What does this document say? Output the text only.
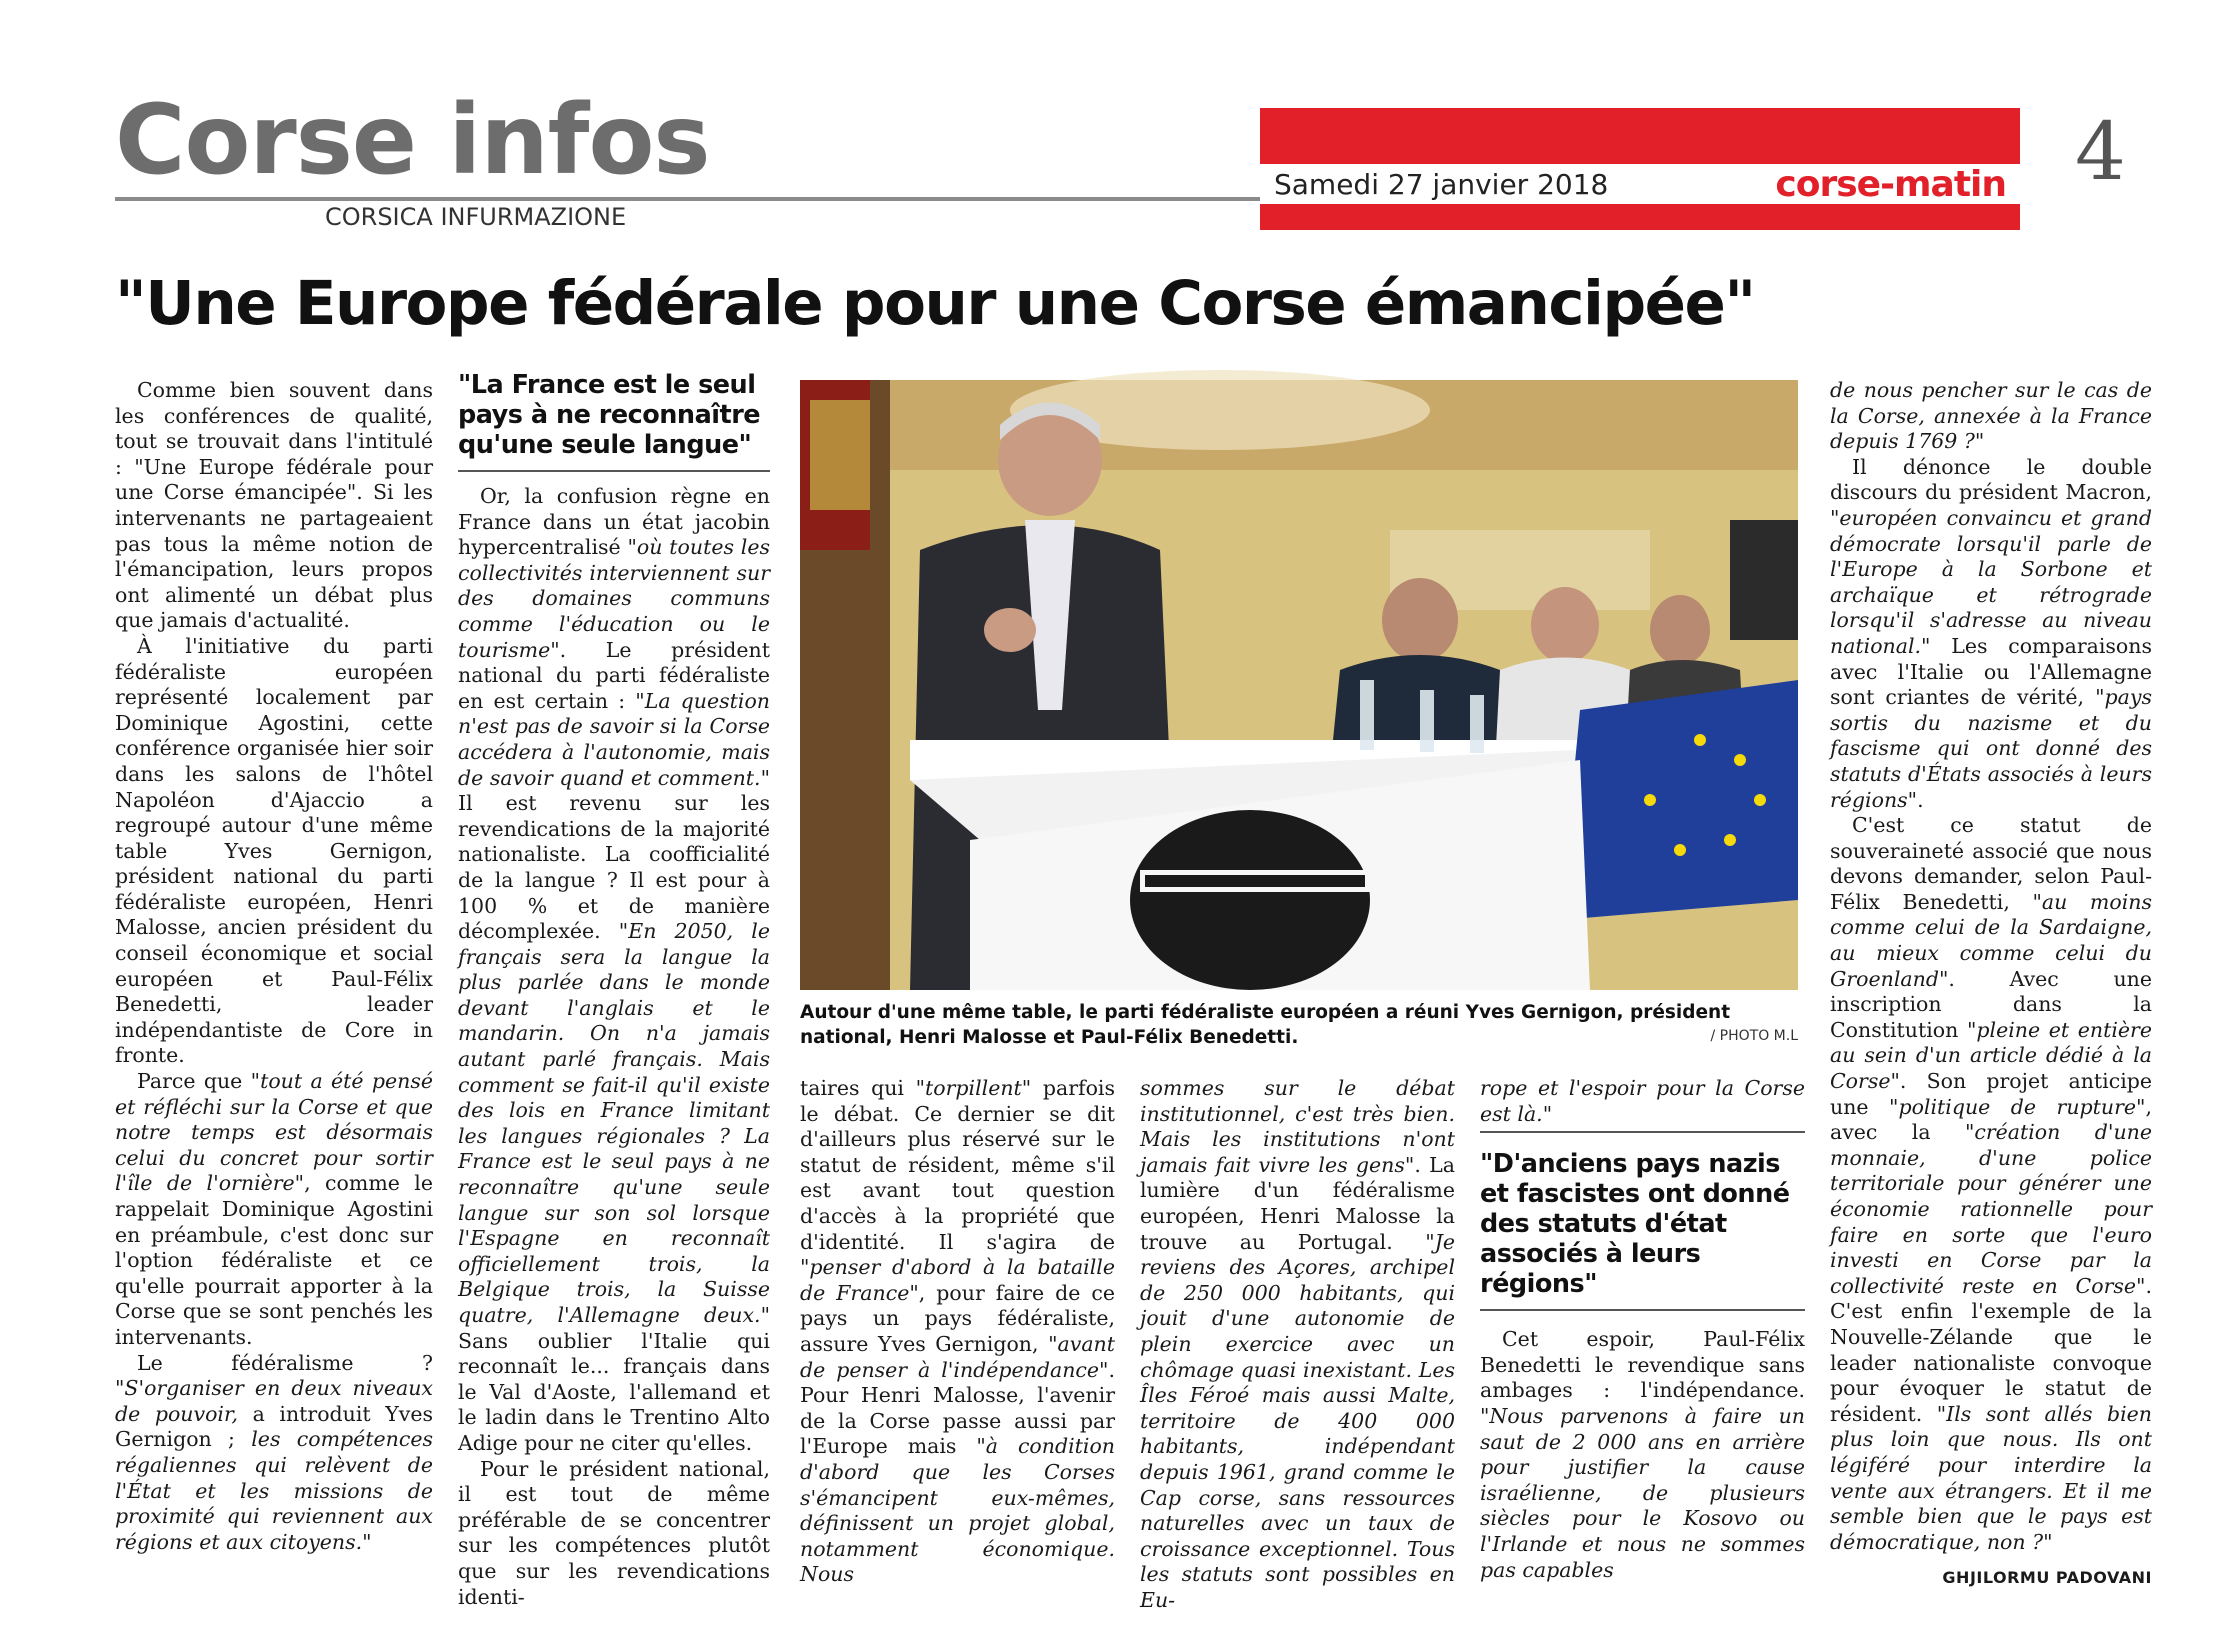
Corse infos
CORSICA INFURMAZIONE
Samedi 27 janvier 2018	corse-matin 4
"Une Europe fédérale pour une Corse émancipée"

Comme bien souvent dans les conférences de qualité, tout se trouvait dans l'intitulé : "Une Europe fédérale pour une Corse émancipée". Si les intervenants ne partageaient pas tous la même notion de l'émancipation, leurs propos ont alimenté un débat plus que jamais d'actualité.

À l'initiative du parti fédéraliste européen représenté localement par Dominique Agostini, cette conférence organisée hier soir dans les salons de l'hôtel Napoléon d'Ajaccio a regroupé autour d'une même table Yves Gernigon, président national du parti fédéraliste européen, Henri Malosse, ancien président du conseil économique et social européen et Paul-Félix Benedetti, leader indépendantiste de Core in fronte.

Parce que "tout a été pensé et réfléchi sur la Corse et que notre temps est désormais celui du concret pour sortir l'île de l'ornière", comme le rappelait Dominique Agostini en préambule, c'est donc sur l'option fédéraliste et ce qu'elle pourrait apporter à la Corse que se sont penchés les intervenants.

Le fédéralisme ? "S'organiser en deux niveaux de pouvoir, a introduit Yves Gernigon ; les compétences régaliennes qui relèvent de l'État et les missions de proximité qui reviennent aux régions et aux citoyens."

"La France est le seul pays à ne reconnaître qu'une seule langue"

Or, la confusion règne en France dans un état jacobin hypercentralisé "où toutes les collectivités interviennent sur des domaines communs comme l'éducation ou le tourisme". Le président national du parti fédéraliste en est certain : "La question n'est pas de savoir si la Corse accédera à l'autonomie, mais de savoir quand et comment." Il est revenu sur les revendications de la majorité nationaliste. La coofficialité de la langue ? Il est pour à 100 % et de manière décomplexée. "En 2050, le français sera la langue la plus parlée dans le monde devant l'anglais et le mandarin. On n'a jamais autant parlé français. Mais comment se fait-il qu'il existe des lois en France limitant les langues régionales ? La France est le seul pays à ne reconnaître qu'une seule langue sur son sol lorsque l'Espagne en reconnaît officiellement trois, la Belgique trois, la Suisse quatre, l'Allemagne deux." Sans oublier l'Italie qui reconnaît le... français dans le Val d'Aoste, l'allemand et le ladin dans le Trentino Alto Adige pour ne citer qu'elles.

Pour le président national, il est tout de même préférable de se concentrer sur les compétences plutôt que sur les revendications identi-

Autour d'une même table, le parti fédéraliste européen a réuni Yves Gernigon, président national, Henri Malosse et Paul-Félix Benedetti.	/ PHOTO M.L

taires qui "torpillent" parfois le débat. Ce dernier se dit d'ailleurs plus réservé sur le statut de résident, même s'il est avant tout question d'accès à la propriété que d'identité. Il s'agira de "penser d'abord à la bataille de France", pour faire de ce pays un pays fédéraliste, assure Yves Gernigon, "avant de penser à l'indépendance". Pour Henri Malosse, l'avenir de la Corse passe aussi par l'Europe mais "à condition d'abord que les Corses s'émancipent eux-mêmes, définissent un projet global, notamment économique. Nous

sommes sur le débat institutionnel, c'est très bien. Mais les institutions n'ont jamais fait vivre les gens". La lumière d'un fédéralisme européen, Henri Malosse la trouve au Portugal. "Je reviens des Açores, archipel de 250 000 habitants, qui jouit d'une autonomie de plein exercice avec un chômage quasi inexistant. Les Îles Féroé mais aussi Malte, territoire de 400 000 habitants, indépendant depuis 1961, grand comme le Cap corse, sans ressources naturelles avec un taux de croissance exceptionnel. Tous les statuts sont possibles en Eu-

rope et l'espoir pour la Corse est là."

"D'anciens pays nazis et fascistes ont donné des statuts d'état associés à leurs régions"

Cet espoir, Paul-Félix Benedetti le revendique sans ambages : l'indépendance. "Nous parvenons à faire un saut de 2 000 ans en arrière pour justifier la cause israélienne, de plusieurs siècles pour le Kosovo ou l'Irlande et nous ne sommes pas capables

de nous pencher sur le cas de la Corse, annexée à la France depuis 1769 ?"

Il dénonce le double discours du président Macron, "européen convaincu et grand démocrate lorsqu'il parle de l'Europe à la Sorbone et archaïque et rétrograde lorsqu'il s'adresse au niveau national." Les comparaisons avec l'Italie ou l'Allemagne sont criantes de vérité, "pays sortis du nazisme et du fascisme qui ont donné des statuts d'États associés à leurs régions".

C'est ce statut de souveraineté associé que nous devons demander, selon Paul-Félix Benedetti, "au moins comme celui de la Sardaigne, au mieux comme celui du Groenland". Avec une inscription dans la Constitution "pleine et entière au sein d'un article dédié à la Corse". Son projet anticipe une "politique de rupture", avec la "création d'une monnaie, d'une police territoriale pour générer une économie rationnelle pour faire en sorte que l'euro investi en Corse par la collectivité reste en Corse". C'est enfin l'exemple de la Nouvelle-Zélande que le leader nationaliste convoque pour évoquer le statut de résident. "Ils sont allés bien plus loin que nous. Ils ont légiféré pour interdire la vente aux étrangers. Et il me semble bien que le pays est démocratique, non ?"

GHJILORMU PADOVANI
